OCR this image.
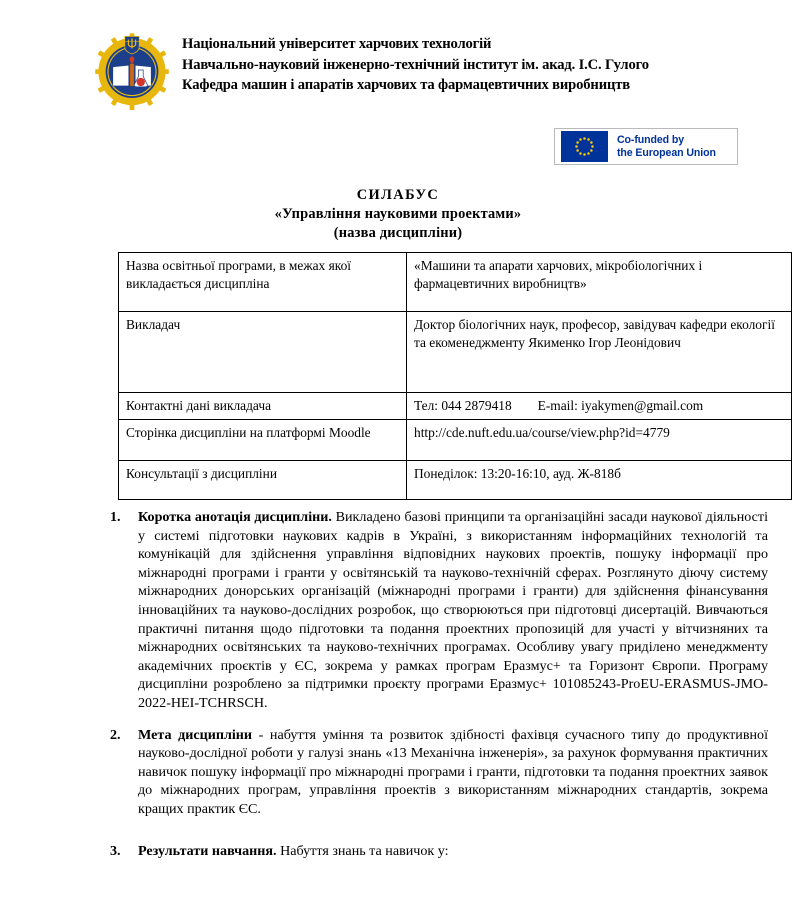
Національний університет харчових технологій
Навчально-науковий інженерно-технічний інститут ім. акад. І.С. Гулого
Кафедра машин і апаратів харчових та фармацевтичних виробництв
Co-funded by
the European Union
СИЛАБУС
«Управління науковими проектами»
(назва дисципліни)
Назва освітньої програми, в межах якої викладається дисципліна	«Машини та апарати харчових, мікробіологічних і фармацевтичних виробництв»
Викладач	Доктор біологічних наук, професор, завідувач кафедри екології та екоменеджменту Якименко Ігор Леонідович
Контактні дані викладача	Тел: 044 2879418 E-mail: iyakymen@gmail.com
Сторінка дисципліни на платформі Moodle	http://cde.nuft.edu.ua/course/view.php?id=4779
Консультації з дисципліни	Понеділок: 13:20-16:10, ауд. Ж-818б
1. Коротка анотація дисципліни. Викладено базові принципи та організаційні засади наукової діяльності у системі підготовки наукових кадрів в Україні, з використанням інформаційних технологій та комунікацій для здійснення управління відповідних наукових проектів, пошуку інформації про міжнародні програми і гранти у освітянській та науково-технічній сферах. Розглянуто діючу систему міжнародних донорських організацій (міжнародні програми і гранти) для здійснення фінансування інноваційних та науково-дослідних розробок, що створюються при підготовці дисертацій. Вивчаються практичні питання щодо підготовки та подання проектних пропозицій для участі у вітчизняних та міжнародних освітянських та науково-технічних програмах. Особливу увагу приділено менеджменту академічних проєктів у ЄС, зокрема у рамках програм Еразмус+ та Горизонт Європи. Програму дисципліни розроблено за підтримки проєкту програми Еразмус+ 101085243-ProEU-ERASMUS-JMO-2022-HEI-TCHRSCH.
2. Мета дисципліни - набуття уміння та розвиток здібності фахівця сучасного типу до продуктивної науково-дослідної роботи у галузі знань «13 Механічна інженерія», за рахунок формування практичних навичок пошуку інформації про міжнародні програми і гранти, підготовки та подання проектних заявок до міжнародних програм, управління проектів з використанням міжнародних стандартів, зокрема кращих практик ЄС.
3. Результати навчання. Набуття знань та навичок у:
